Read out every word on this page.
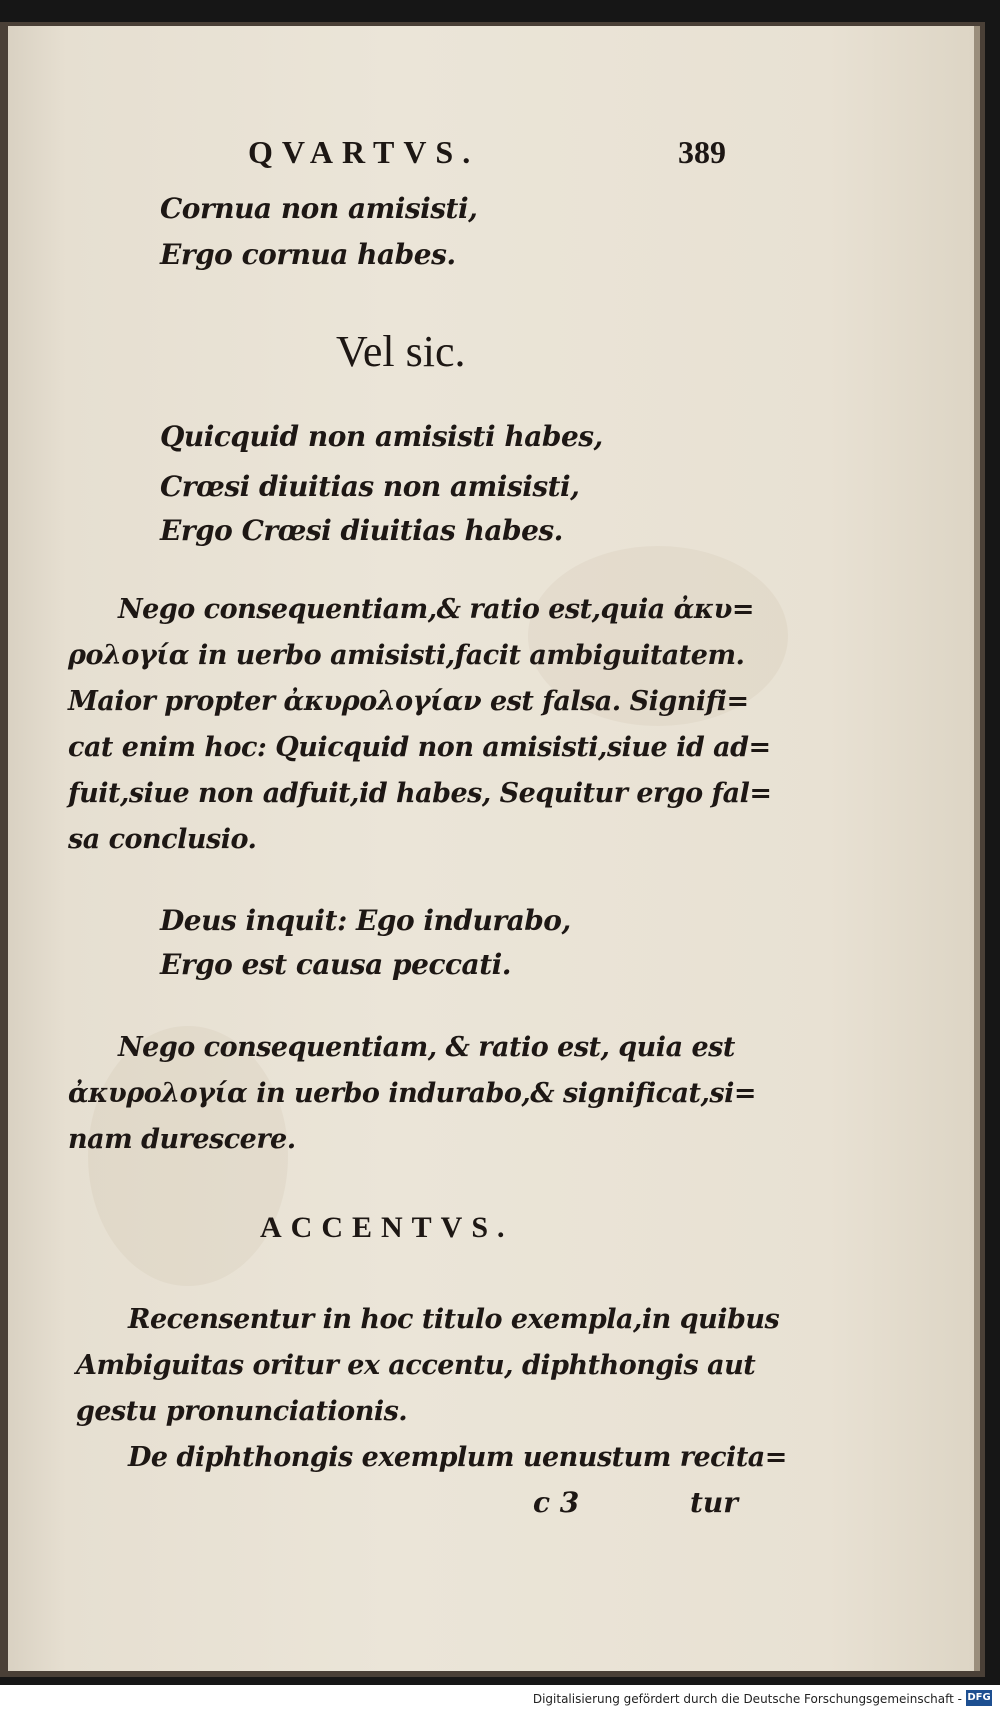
QVARTVS.	389
Cornua non amisisti,
Ergo cornua habes.
Vel sic.
Quicquid non amisisti habes,
Crœsi diuitias non amisisti,
Ergo Crœsi diuitias habes.
Nego consequentiam,& ratio est,quia ἀκυ=
ρολογία in uerbo amisisti,facit ambiguitatem.
Maior propter ἀκυρολογίαν est falsa. Signifi=
cat enim hoc: Quicquid non amisisti,siue id ad=
fuit,siue non adfuit,id habes, Sequitur ergo fal=
sa conclusio.
Deus inquit: Ego indurabo,
Ergo est causa peccati.
Nego consequentiam, & ratio est, quia est
ἀκυρολογία in uerbo indurabo,& significat,si=
nam durescere.
ACCENTVS.
Recensentur in hoc titulo exempla,in quibus
Ambiguitas oritur ex accentu, diphthongis aut
gestu pronunciationis.
De diphthongis exemplum uenustum recita=
c 3	tur
Digitalisierung gefördert durch die Deutsche Forschungsgemeinschaft - DFG
